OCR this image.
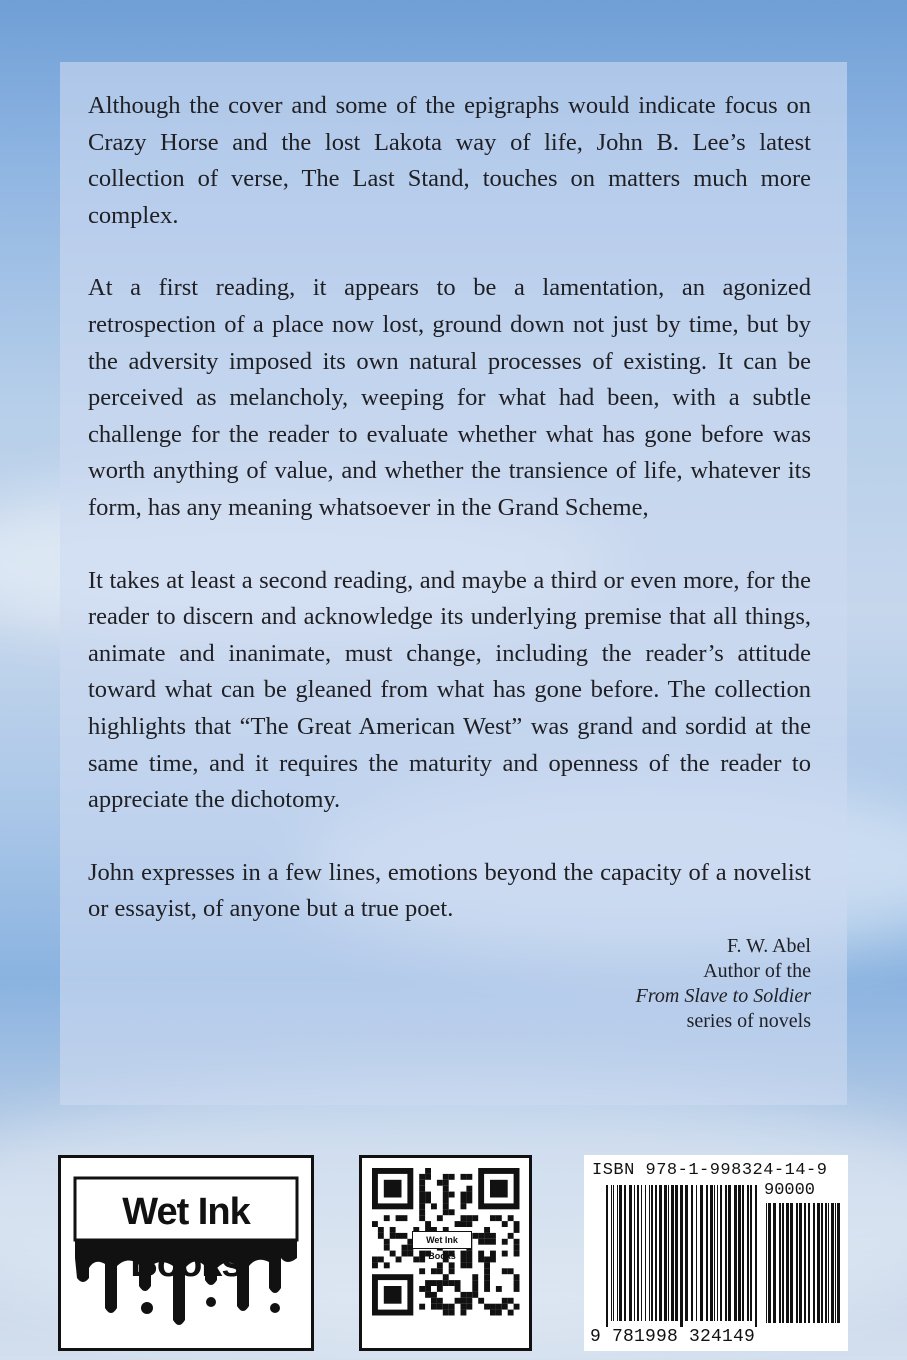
Although the cover and some of the epigraphs would indicate focus on Crazy Horse and the lost Lakota way of life, John B. Lee’s latest collection of verse, The Last Stand, touches on matters much more complex.

At a first reading, it appears to be a lamentation, an agonized retrospection of a place now lost, ground down not just by time, but by the adversity imposed its own natural processes of existing. It can be perceived as melancholy, weeping for what had been, with a subtle challenge for the reader to evaluate whether what has gone before was worth anything of value, and whether the transience of life, whatever its form, has any meaning whatsoever in the Grand Scheme,

It takes at least a second reading, and maybe a third or even more, for the reader to discern and acknowledge its underlying premise that all things, animate and inanimate, must change, including the reader’s attitude toward what can be gleaned from what has gone before. The collection highlights that “The Great American West” was grand and sordid at the same time, and it requires the maturity and openness of the reader to appreciate the dichotomy.

John expresses in a few lines, emotions beyond the capacity of a novelist or essayist, of anyone but a true poet.

F. W. Abel
Author of the
From Slave to Soldier
series of novels
Wet Ink Books
Wet Ink Books
ISBN 978-1-998324-14-9
90000
9 781998 324149
